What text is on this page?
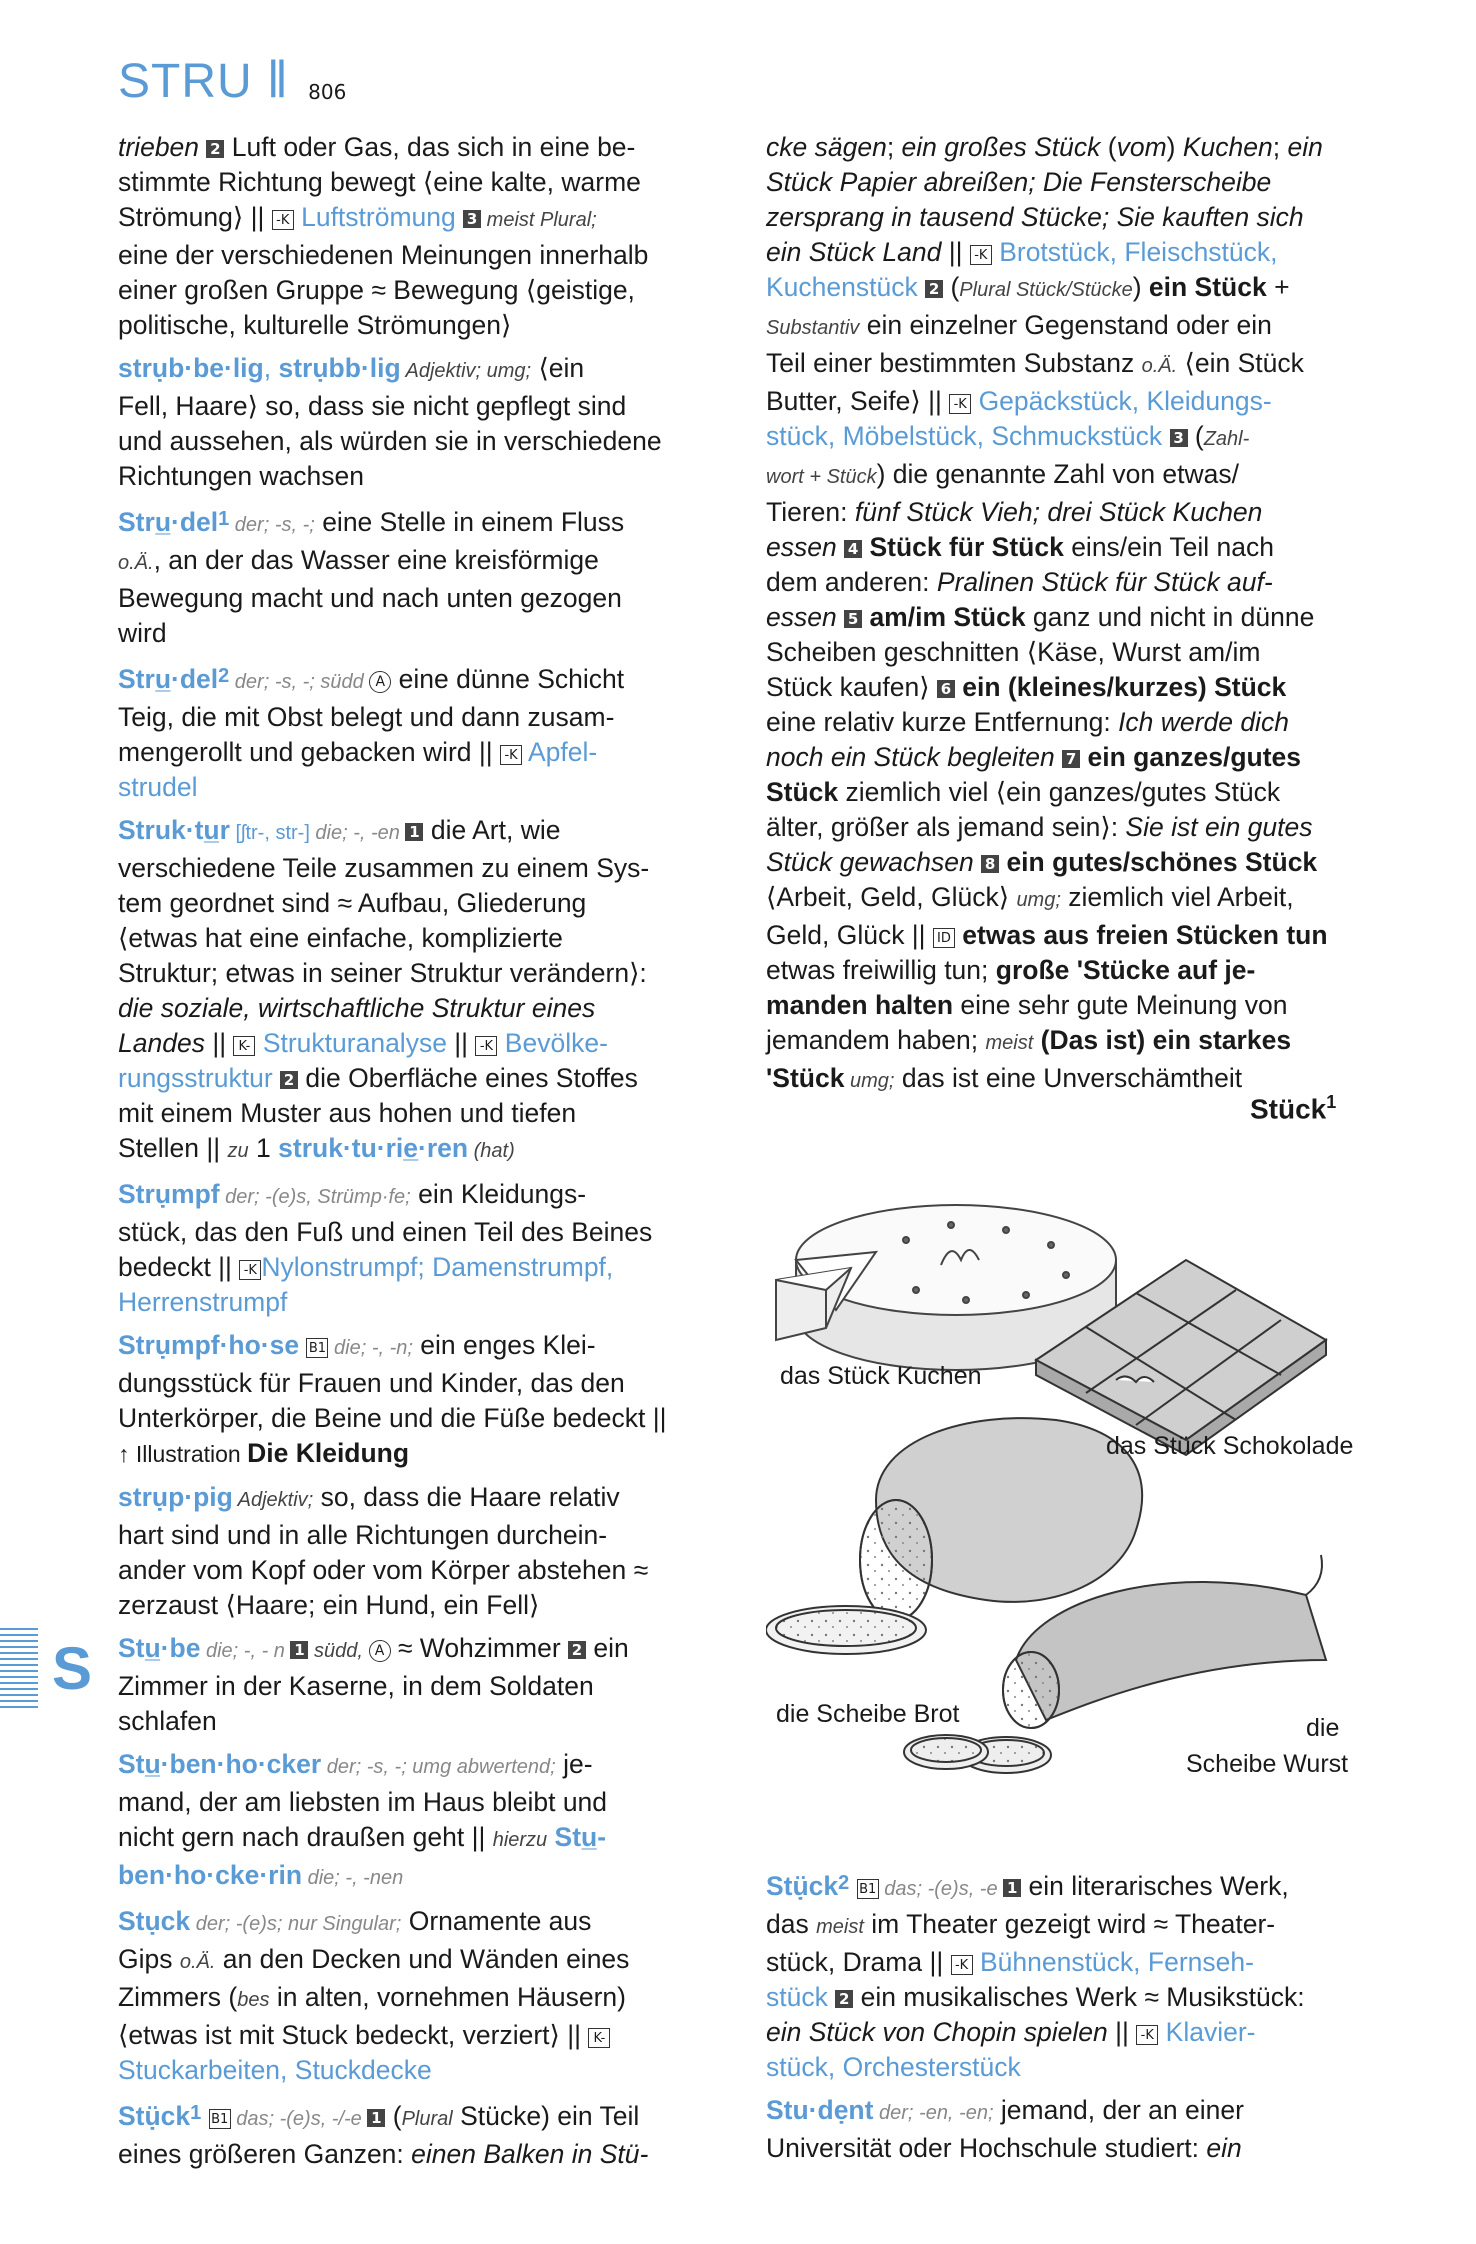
STRU ‖ 806
trieben 2 Luft oder Gas, das sich in eine be-
stimmte Richtung bewegt ⟨eine kalte, warme
Strömung⟩ || -K Luftströmung 3 meist Plural;
eine der verschiedenen Meinungen innerhalb
einer großen Gruppe ≈ Bewegung ⟨geistige,
politische, kulturelle Strömungen⟩
strụb·be·lig, strụbb·lig Adjektiv; umg; ⟨ein
Fell, Haare⟩ so, dass sie nicht gepflegt sind
und aussehen, als würden sie in verschiedene
Richtungen wachsen
Stru̲·del$^1$ der; -s, -; eine Stelle in einem Fluss
o.Ä., an der das Wasser eine kreisförmige
Bewegung macht und nach unten gezogen
wird
Stru̲·del$^2$ der; -s, -; südd A eine dünne Schicht
Teig, die mit Obst belegt und dann zusam-
mengerollt und gebacken wird || -K Apfel-
strudel
Struk·tu̲r [ʃtr-, str-] die; -, -en 1 die Art, wie
verschiedene Teile zusammen zu einem Sys-
tem geordnet sind ≈ Aufbau, Gliederung
⟨etwas hat eine einfache, komplizierte
Struktur; etwas in seiner Struktur verändern⟩:
die soziale, wirtschaftliche Struktur eines
Landes || K- Strukturanalyse || -K Bevölke-
rungsstruktur 2 die Oberfläche eines Stoffes
mit einem Muster aus hohen und tiefen
Stellen || zu 1 struk·tu·rie̲·ren (hat)
Strụmpf der; -(e)s, Strümp·fe; ein Kleidungs-
stück, das den Fuß und einen Teil des Beines
bedeckt || -K Nylonstrumpf; Damenstrumpf,
Herrenstrumpf
Strụmpf·ho·se B1 die; -, -n; ein enges Klei-
dungsstück für Frauen und Kinder, das den
Unterkörper, die Beine und die Füße bedeckt ||
↑ Illustration Die Kleidung
strụp·pig Adjektiv; so, dass die Haare relativ
hart sind und in alle Richtungen durchein-
ander vom Kopf oder vom Körper abstehen ≈
zerzaust ⟨Haare; ein Hund, ein Fell⟩
Stu̲·be die; -, - n 1 südd, A ≈ Wohzimmer 2 ein
Zimmer in der Kaserne, in dem Soldaten
schlafen
Stu̲·ben·ho·cker der; -s, -; umg abwertend; je-
mand, der am liebsten im Haus bleibt und
nicht gern nach draußen geht || hierzu Stu̲-
ben·ho·cke·rin die; -, -nen
Stụck der; -(e)s; nur Singular; Ornamente aus
Gips o.Ä. an den Decken und Wänden eines
Zimmers (bes in alten, vornehmen Häusern)
⟨etwas ist mit Stuck bedeckt, verziert⟩ || K-
Stuckarbeiten, Stuckdecke
$Stụ̈ck^1$ B1 das; -(e)s, -/-e 1 (Plural Stücke) ein Teil
eines größeren Ganzen: einen Balken in Stü-
cke sägen; ein großes Stück (vom) Kuchen; ein
Stück Papier abreißen; Die Fensterscheibe
zersprang in tausend Stücke; Sie kauften sich
ein Stück Land || -K Brotstück, Fleischstück,
Kuchenstück 2 (Plural Stück/Stücke) ein Stück +
Substantiv ein einzelner Gegenstand oder ein
Teil einer bestimmten Substanz o.Ä. ⟨ein Stück
Butter, Seife⟩ || -K Gepäckstück, Kleidungs-
stück, Möbelstück, Schmuckstück 3 (Zahl-
wort + Stück) die genannte Zahl von etwas/
Tieren: fünf Stück Vieh; drei Stück Kuchen
essen 4 Stück für Stück eins/ein Teil nach
dem anderen: Pralinen Stück für Stück auf-
essen 5 am/im Stück ganz und nicht in dünne
Scheiben geschnitten ⟨Käse, Wurst am/im
Stück kaufen⟩ 6 ein (kleines/kurzes) Stück
eine relativ kurze Entfernung: Ich werde dich
noch ein Stück begleiten 7 ein ganzes/gutes
Stück ziemlich viel ⟨ein ganzes/gutes Stück
älter, größer als jemand sein⟩: Sie ist ein gutes
Stück gewachsen 8 ein gutes/schönes Stück
⟨Arbeit, Geld, Glück⟩ umg; ziemlich viel Arbeit,
Geld, Glück || ID etwas aus freien Stücken tun
etwas freiwillig tun; große 'Stücke auf je-
manden halten eine sehr gute Meinung von
jemandem haben; meist (Das ist) ein starkes
'Stück umg; das ist eine Unverschämtheit
Stück$^1$
das Stück Kuchen
das Stück Schokolade
die Scheibe Brot	die
Scheibe Wurst
$Stụ̈ck^2$ B1 das; -(e)s, -e 1 ein literarisches Werk,
das meist im Theater gezeigt wird ≈ Theater-
stück, Drama || -K Bühnenstück, Fernseh-
stück 2 ein musikalisches Werk ≈ Musikstück:
ein Stück von Chopin spielen || -K Klavier-
stück, Orchesterstück
Stu·dẹnt der; -en, -en; jemand, der an einer
Universität oder Hochschule studiert: ein
S
